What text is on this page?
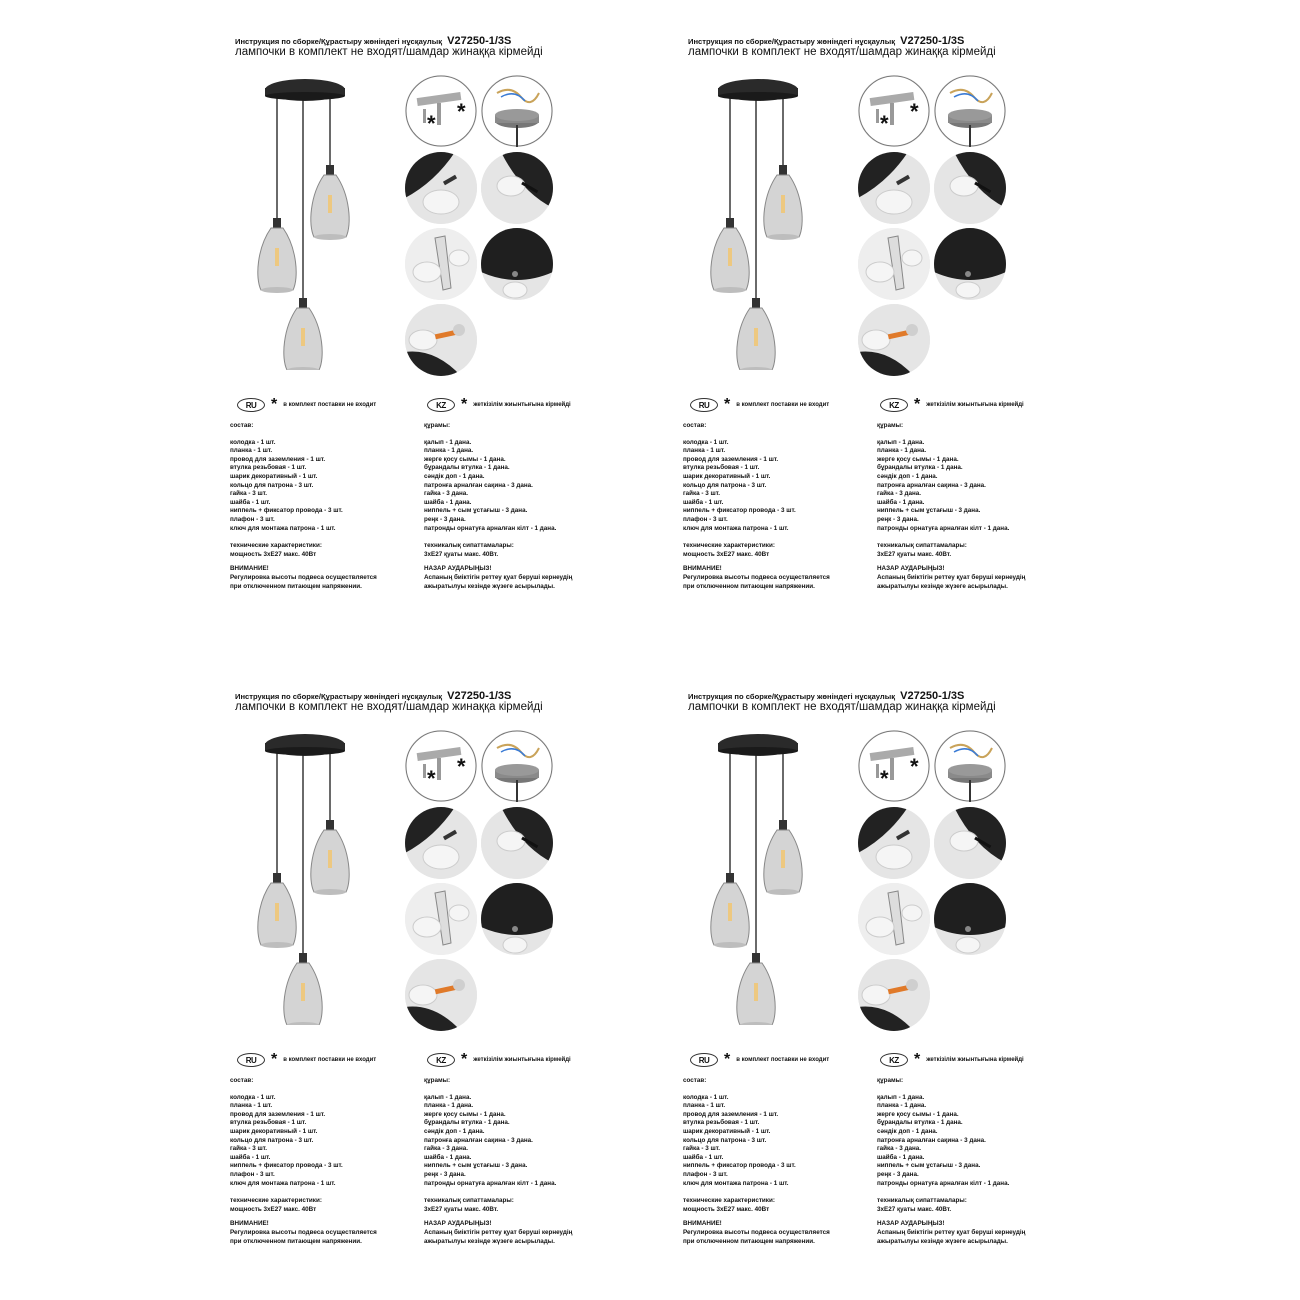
Инструкция по сборке/Құрастыру жөніндегі нұсқаулық V27250-1/3S
лампочки в комплект не входят/шамдар жинаққа кірмейді
* *
RU * в комплект поставки не входит	KZ * жеткізілім жиынтығына кірмейді
состав:
колодка - 1 шт.
планка - 1 шт.
провод для заземления - 1 шт.
втулка резьбовая - 1 шт.
шарик декоративный - 1 шт.
кольцо для патрона - 3 шт.
гайка - 3 шт.
шайба - 1 шт.
ниппель + фиксатор провода - 3 шт.
плафон - 3 шт.
ключ для монтажа патрона - 1 шт.
технические характеристики:
мощность 3хЕ27 макс. 40Вт
ВНИМАНИЕ!
Регулировка высоты подвеса осуществляется
при отключенном питающем напряжении.
құрамы:
қалып - 1 дана.
планка - 1 дана.
жерге қосу сымы - 1 дана.
бұрандалы втулка - 1 дана.
сәндік доп - 1 дана.
патронға арналған сақина - 3 дана.
гайка - 3 дана.
шайба - 1 дана.
ниппель + сым ұстағыш - 3 дана.
реңк - 3 дана.
патронды орнатуға арналған кілт - 1 дана.
техникалық сипаттамалары:
3хЕ27 қуаты макс. 40Вт.
НАЗАР АУДАРЫҢЫЗ!
Аспаның биіктігін реттеу қуат беруші кернеудің
ажыратылуы кезінде жүзеге асырылады.
Инструкция по сборке/Құрастыру жөніндегі нұсқаулық V27250-1/3S
лампочки в комплект не входят/шамдар жинаққа кірмейді
* *
RU * в комплект поставки не входит	KZ * жеткізілім жиынтығына кірмейді
состав:
колодка - 1 шт.
планка - 1 шт.
провод для заземления - 1 шт.
втулка резьбовая - 1 шт.
шарик декоративный - 1 шт.
кольцо для патрона - 3 шт.
гайка - 3 шт.
шайба - 1 шт.
ниппель + фиксатор провода - 3 шт.
плафон - 3 шт.
ключ для монтажа патрона - 1 шт.
технические характеристики:
мощность 3хЕ27 макс. 40Вт
ВНИМАНИЕ!
Регулировка высоты подвеса осуществляется
при отключенном питающем напряжении.
құрамы:
қалып - 1 дана.
планка - 1 дана.
жерге қосу сымы - 1 дана.
бұрандалы втулка - 1 дана.
сәндік доп - 1 дана.
патронға арналған сақина - 3 дана.
гайка - 3 дана.
шайба - 1 дана.
ниппель + сым ұстағыш - 3 дана.
реңк - 3 дана.
патронды орнатуға арналған кілт - 1 дана.
техникалық сипаттамалары:
3хЕ27 қуаты макс. 40Вт.
НАЗАР АУДАРЫҢЫЗ!
Аспаның биіктігін реттеу қуат беруші кернеудің
ажыратылуы кезінде жүзеге асырылады.
Инструкция по сборке/Құрастыру жөніндегі нұсқаулық V27250-1/3S
лампочки в комплект не входят/шамдар жинаққа кірмейді
* *
RU * в комплект поставки не входит	KZ * жеткізілім жиынтығына кірмейді
состав:
колодка - 1 шт.
планка - 1 шт.
провод для заземления - 1 шт.
втулка резьбовая - 1 шт.
шарик декоративный - 1 шт.
кольцо для патрона - 3 шт.
гайка - 3 шт.
шайба - 1 шт.
ниппель + фиксатор провода - 3 шт.
плафон - 3 шт.
ключ для монтажа патрона - 1 шт.
технические характеристики:
мощность 3хЕ27 макс. 40Вт
ВНИМАНИЕ!
Регулировка высоты подвеса осуществляется
при отключенном питающем напряжении.
құрамы:
қалып - 1 дана.
планка - 1 дана.
жерге қосу сымы - 1 дана.
бұрандалы втулка - 1 дана.
сәндік доп - 1 дана.
патронға арналған сақина - 3 дана.
гайка - 3 дана.
шайба - 1 дана.
ниппель + сым ұстағыш - 3 дана.
реңк - 3 дана.
патронды орнатуға арналған кілт - 1 дана.
техникалық сипаттамалары:
3хЕ27 қуаты макс. 40Вт.
НАЗАР АУДАРЫҢЫЗ!
Аспаның биіктігін реттеу қуат беруші кернеудің
ажыратылуы кезінде жүзеге асырылады.
Инструкция по сборке/Құрастыру жөніндегі нұсқаулық V27250-1/3S
лампочки в комплект не входят/шамдар жинаққа кірмейді
* *
RU * в комплект поставки не входит	KZ * жеткізілім жиынтығына кірмейді
состав:
колодка - 1 шт.
планка - 1 шт.
провод для заземления - 1 шт.
втулка резьбовая - 1 шт.
шарик декоративный - 1 шт.
кольцо для патрона - 3 шт.
гайка - 3 шт.
шайба - 1 шт.
ниппель + фиксатор провода - 3 шт.
плафон - 3 шт.
ключ для монтажа патрона - 1 шт.
технические характеристики:
мощность 3хЕ27 макс. 40Вт
ВНИМАНИЕ!
Регулировка высоты подвеса осуществляется
при отключенном питающем напряжении.
құрамы:
қалып - 1 дана.
планка - 1 дана.
жерге қосу сымы - 1 дана.
бұрандалы втулка - 1 дана.
сәндік доп - 1 дана.
патронға арналған сақина - 3 дана.
гайка - 3 дана.
шайба - 1 дана.
ниппель + сым ұстағыш - 3 дана.
реңк - 3 дана.
патронды орнатуға арналған кілт - 1 дана.
техникалық сипаттамалары:
3хЕ27 қуаты макс. 40Вт.
НАЗАР АУДАРЫҢЫЗ!
Аспаның биіктігін реттеу қуат беруші кернеудің
ажыратылуы кезінде жүзеге асырылады.
